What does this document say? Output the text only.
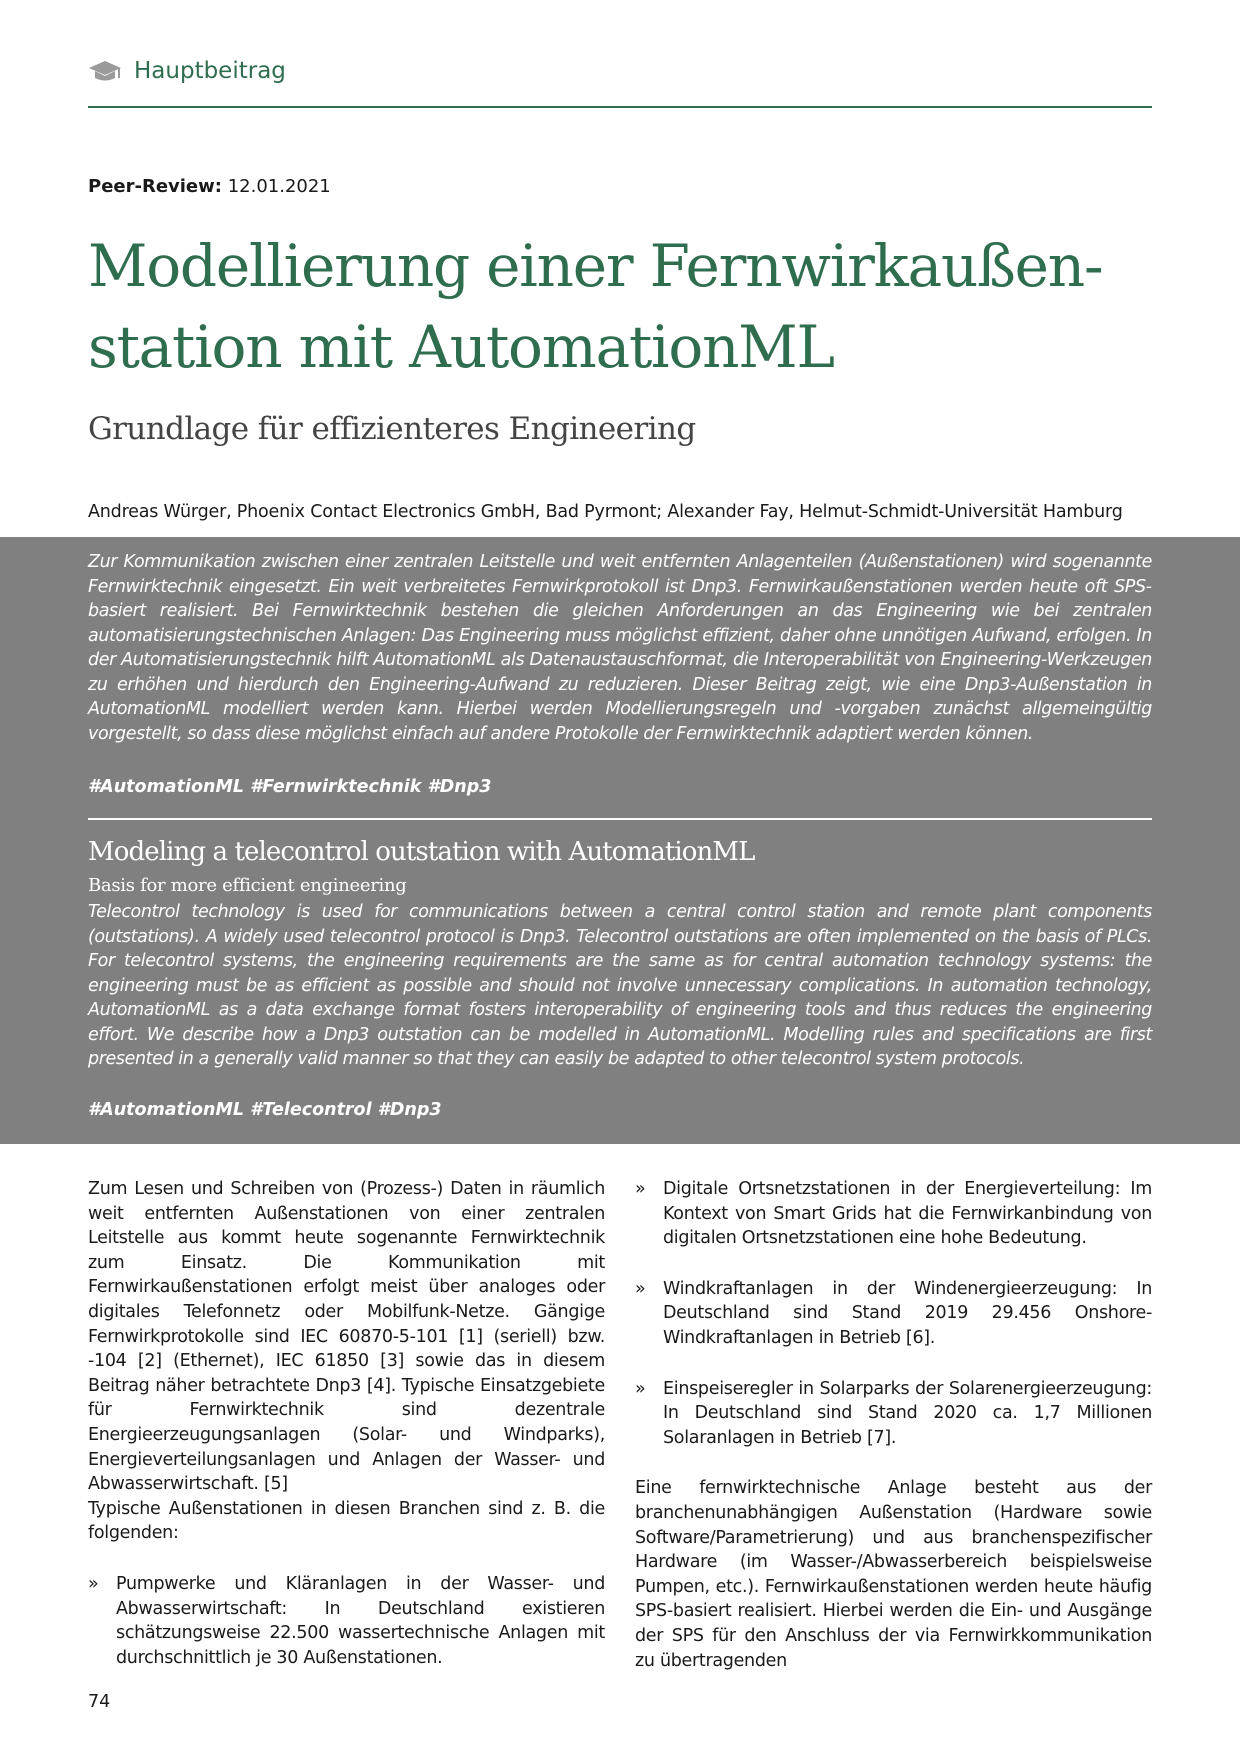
Hauptbeitrag
Peer-Review: 12.01.2021
Modellierung einer Fernwirkaußen-
station mit AutomationML
Grundlage für effizienteres Engineering
Andreas Würger, Phoenix Contact Electronics GmbH, Bad Pyrmont; Alexander Fay, Helmut-Schmidt-Universität Hamburg

Zur Kommunikation zwischen einer zentralen Leitstelle und weit entfernten Anlagenteilen (Außenstationen) wird sogenannte Fernwirktechnik eingesetzt. Ein weit verbreitetes Fernwirkprotokoll ist Dnp3. Fernwirkaußenstationen werden heute oft SPSbasiert realisiert. Bei Fernwirktechnik bestehen die gleichen Anforderungen an das Engineering wie bei zentralen automatisierungstechnischen Anlagen: Das Engineering muss möglichst effizient, daher ohne unnötigen Aufwand, erfolgen. In der Automatisierungstechnik hilft AutomationML als Datenaustauschformat, die Interoperabilität von Engineering-Werkzeugen zu erhöhen und hierdurch den Engineering-Aufwand zu reduzieren. Dieser Beitrag zeigt, wie eine Dnp3-Außenstation in AutomationML modelliert werden kann. Hierbei werden Modellierungsregeln und -vorgaben zunächst allgemeingültig vorgestellt, so dass diese möglichst einfach auf andere Protokolle der Fernwirktechnik adaptiert werden können.

#AutomationML #Fernwirktechnik #Dnp3
Modeling a telecontrol outstation with AutomationML
Basis for more efficient engineering

Telecontrol technology is used for communications between a central control station and remote plant components (outstations). A widely used telecontrol protocol is Dnp3. Telecontrol outstations are often implemented on the basis of PLCs. For telecontrol systems, the engineering requirements are the same as for central automation technology systems: the engineering must be as efficient as possible and should not involve unnecessary complications. In automation technology, AutomationML as a data exchange format fosters interoperability of engineering tools and thus reduces the engineering effort. We describe how a Dnp3 outstation can be modelled in AutomationML. Modelling rules and specifications are first presented in a generally valid manner so that they can easily be adapted to other telecontrol system protocols.

#AutomationML #Telecontrol #Dnp3

Zum Lesen und Schreiben von (Prozess-) Daten in räumlich weit entfernten Außenstationen von einer zentralen Leitstelle aus kommt heute sogenannte Fernwirktechnik zum Einsatz. Die Kommunikation mit Fernwirkaußenstationen erfolgt meist über analoges oder digitales Telefonnetz oder Mobilfunk-Netze. Gängige Fernwirkprotokolle sind IEC 60870-5-101 [1] (seriell) bzw. -104 [2] (Ethernet), IEC 61850 [3] sowie das in diesem Beitrag näher betrachtete Dnp3 [4]. Typische Einsatzgebiete für Fernwirktechnik sind dezentrale Energieerzeugungsanlagen (Solar- und Windparks), Energieverteilungsanlagen und Anlagen der Wasser- und Abwasserwirtschaft. [5]

Typische Außenstationen in diesen Branchen sind z. B. die folgenden:

» Pumpwerke und Kläranlagen in der Wasser- und Abwasserwirtschaft: In Deutschland existieren schätzungsweise 22.500 wassertechnische Anlagen mit durchschnittlich je 30 Außenstationen.
» Digitale Ortsnetzstationen in der Energieverteilung: Im Kontext von Smart Grids hat die Fernwirkanbindung von digitalen Ortsnetzstationen eine hohe Bedeutung.
» Windkraftanlagen in der Windenergieerzeugung: In Deutschland sind Stand 2019 29.456 Onshore-Windkraftanlagen in Betrieb [6].
» Einspeiseregler in Solarparks der Solarenergieerzeugung: In Deutschland sind Stand 2020 ca. 1,7 Millionen Solaranlagen in Betrieb [7].

Eine fernwirktechnische Anlage besteht aus der branchenunabhängigen Außenstation (Hardware sowie Software/Parametrierung) und aus branchenspezifischer Hardware (im Wasser-/Abwasserbereich beispielsweise Pumpen, etc.). Fernwirkaußenstationen werden heute häufig SPS-basiert realisiert. Hierbei werden die Ein- und Ausgänge der SPS für den Anschluss der via Fernwirkkommunikation zu übertragenden

74
